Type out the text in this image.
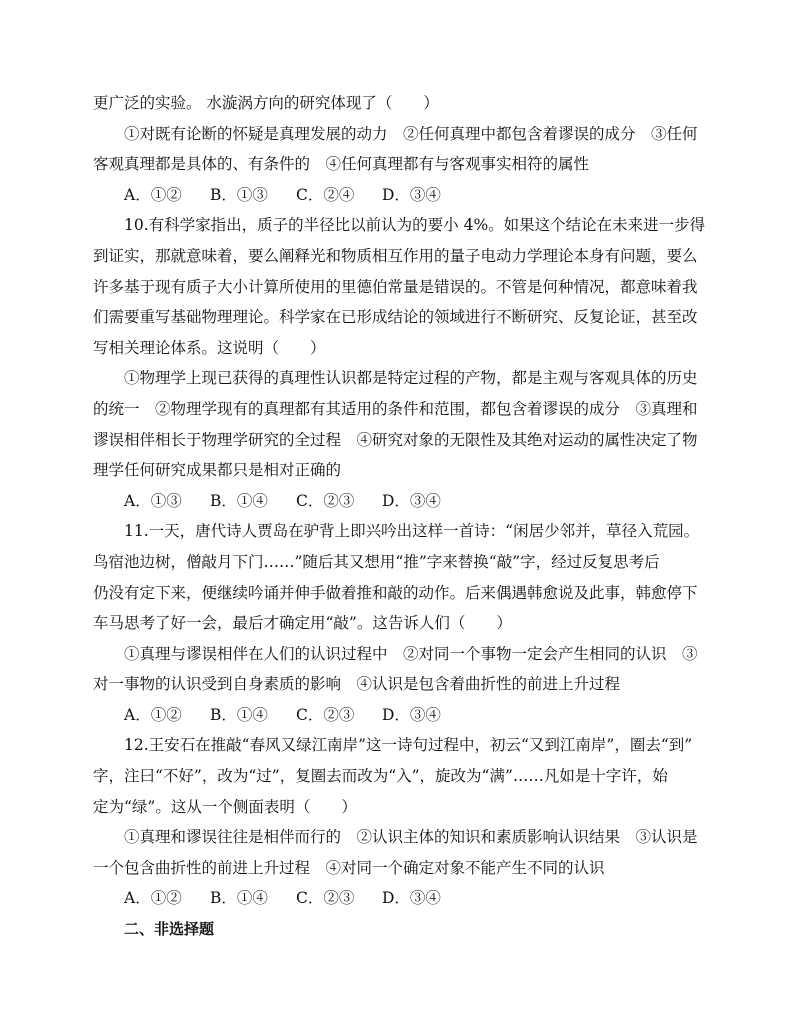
更广泛的实验。 水漩涡方向的研究体现了（　　）
①对既有论断的怀疑是真理发展的动力　②任何真理中都包含着谬误的成分　③任何
客观真理都是具体的、有条件的　④任何真理都有与客观事实相符的属性
A．①② B．①③ C．②④ D．③④
10.有科学家指出，质子的半径比以前认为的要小 4%。如果这个结论在未来进一步得
到证实，那就意味着，要么阐释光和物质相互作用的量子电动力学理论本身有问题，要么
许多基于现有质子大小计算所使用的里德伯常量是错误的。不管是何种情况，都意味着我
们需要重写基础物理理论。科学家在已形成结论的领域进行不断研究、反复论证，甚至改
写相关理论体系。这说明（　　）
①物理学上现已获得的真理性认识都是特定过程的产物，都是主观与客观具体的历史
的统一　②物理学现有的真理都有其适用的条件和范围，都包含着谬误的成分　③真理和
谬误相伴相长于物理学研究的全过程　④研究对象的无限性及其绝对运动的属性决定了物
理学任何研究成果都只是相对正确的
A．①③ B．①④ C．②③ D．③④
11.一天，唐代诗人贾岛在驴背上即兴吟出这样一首诗：“闲居少邻并，草径入荒园。
鸟宿池边树，僧敲月下门……”随后其又想用“推”字来替换“敲”字，经过反复思考后
仍没有定下来，便继续吟诵并伸手做着推和敲的动作。后来偶遇韩愈说及此事，韩愈停下
车马思考了好一会，最后才确定用“敲”。这告诉人们（　　）
①真理与谬误相伴在人们的认识过程中　②对同一个事物一定会产生相同的认识　③
对一事物的认识受到自身素质的影响　④认识是包含着曲折性的前进上升过程
A．①② B．①④ C．②③ D．③④
12.王安石在推敲“春风又绿江南岸”这一诗句过程中，初云“又到江南岸”，圈去“到”
字，注曰“不好”，改为“过”，复圈去而改为“入”，旋改为“满”……凡如是十字许，始
定为“绿”。这从一个侧面表明（　　）
①真理和谬误往往是相伴而行的　②认识主体的知识和素质影响认识结果　③认识是
一个包含曲折性的前进上升过程　④对同一个确定对象不能产生不同的认识
A．①② B．①④ C．②③ D．③④
二、非选择题
